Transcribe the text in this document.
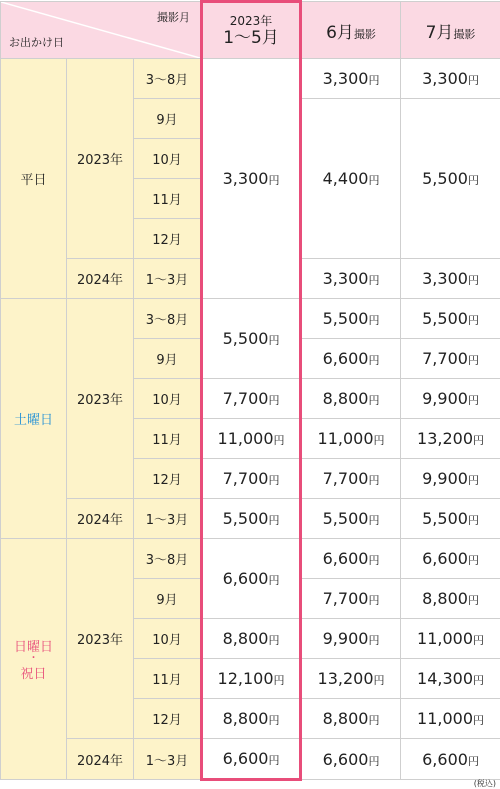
撮影月
お出かけ日			2023年
1〜5月	6月撮影	7月撮影
平日	2023年	3〜8月	3,300円	3,300円	3,300円
		9月		4,400円	5,500円
		10月			
		11月			
		12月			
	2024年	1〜3月		3,300円	3,300円
土曜日	2023年	3〜8月	5,500円	5,500円	5,500円
		9月		6,600円	7,700円
		10月	7,700円	8,800円	9,900円
		11月	11,000円	11,000円	13,200円
		12月	7,700円	7,700円	9,900円
	2024年	1〜3月	5,500円	5,500円	5,500円
日曜日
・
祝日	2023年	3〜8月	6,600円	6,600円	6,600円
		9月		7,700円	8,800円
		10月	8,800円	9,900円	11,000円
		11月	12,100円	13,200円	14,300円
		12月	8,800円	8,800円	11,000円
	2024年	1〜3月	6,600円	6,600円	6,600円
(税込)
